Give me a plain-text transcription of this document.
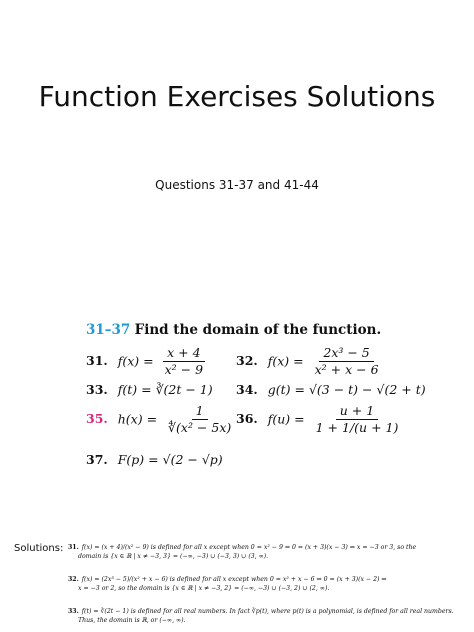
Function Exercises Solutions
Questions 31-37 and 41-44
31–37 Find the domain of the function.
31. $f(x) = \frac{x + 4}{\text{x² − 9}} 32$. $f(x) = \frac{\text{2x³ − 5}}{\text{x² + x − 6}}$
33. f(t) = ∛(2t − 1) 34. g(t) = √(3 − t) − √(2 + t)
35. $h(x) = \frac{1}{\text{∜(x² − 5x)}} 36$. $f(u) = \frac{u + 1}{1 + 1/(u + 1)}$
37. F(p) = √(2 − √p)
Solutions: 31. f(x) = (x + 4)/(x² − 9) is defined for all x except when 0 = x² − 9 ⇔ 0 = (x + 3)(x − 3) ⇔ x = −3 or 3, so the
domain is {x ∈ ℝ | x ≠ −3, 3} = (−∞, −3) ∪ (−3, 3) ∪ (3, ∞).
32. f(x) = (2x³ − 5)/(x² + x − 6) is defined for all x except when 0 = x² + x − 6 ⇔ 0 = (x + 3)(x − 2) ⇔
x = −3 or 2, so the domain is {x ∈ ℝ | x ≠ −3, 2} = (−∞, −3) ∪ (−3, 2) ∪ (2, ∞).
33. f(t) = ∛(2t − 1) is defined for all real numbers. In fact ∛p(t), where p(t) is a polynomial, is defined for all real numbers.
Thus, the domain is ℝ, or (−∞, ∞).
